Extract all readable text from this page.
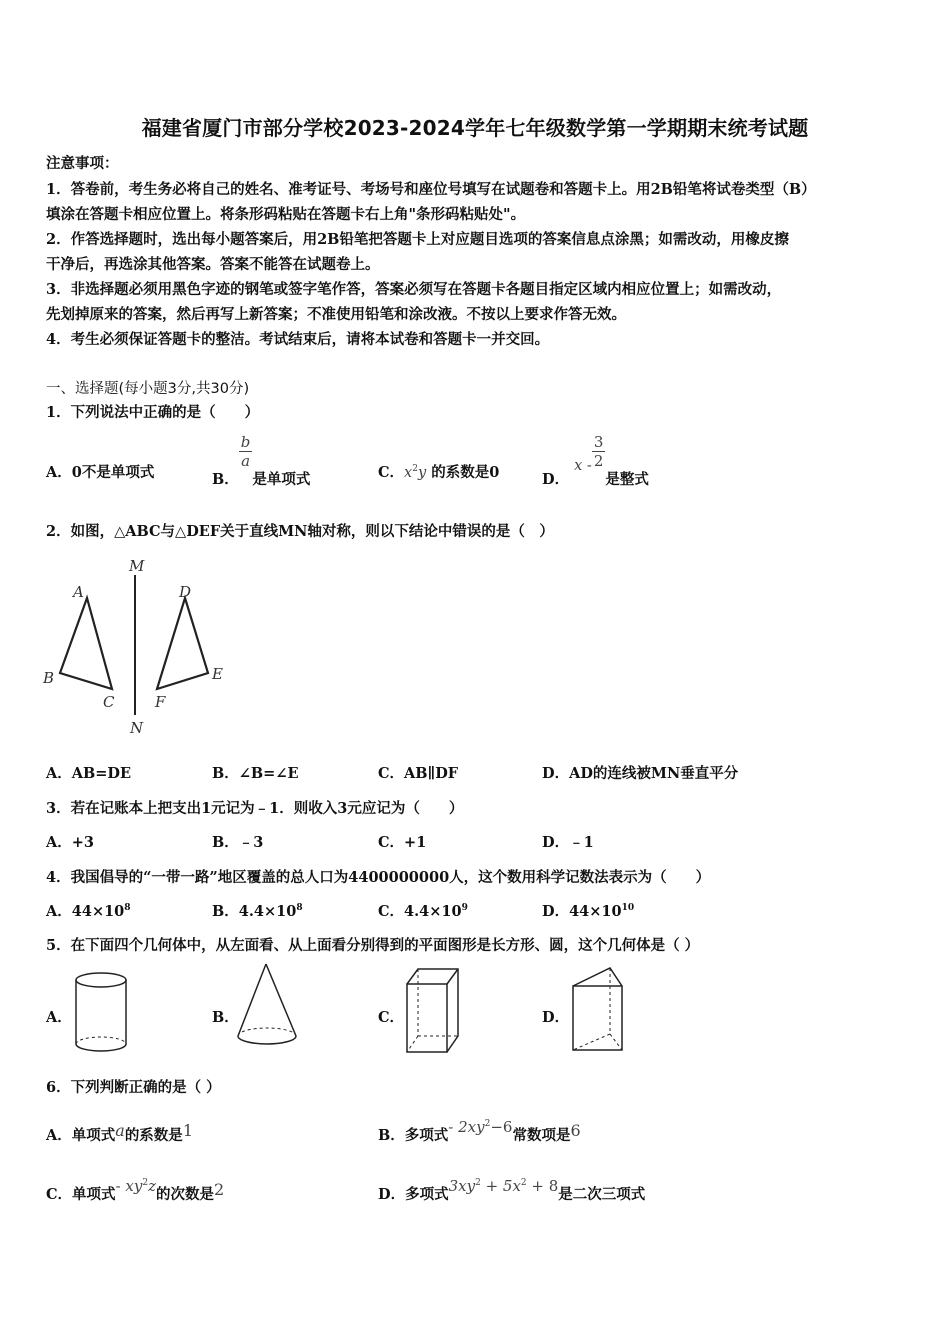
福建省厦门市部分学校2023-2024学年七年级数学第一学期期末统考试题
注意事项：
1．答卷前，考生务必将自己的姓名、准考证号、考场号和座位号填写在试题卷和答题卡上。用2B铅笔将试卷类型（B）
填涂在答题卡相应位置上。将条形码粘贴在答题卡右上角"条形码粘贴处"。
2．作答选择题时，选出每小题答案后，用2B铅笔把答题卡上对应题目选项的答案信息点涂黑；如需改动，用橡皮擦
干净后，再选涂其他答案。答案不能答在试题卷上。
3．非选择题必须用黑色字迹的钢笔或签字笔作答，答案必须写在答题卡各题目指定区域内相应位置上；如需改动，
先划掉原来的答案，然后再写上新答案；不准使用铅笔和涂改液。不按以上要求作答无效。
4．考生必须保证答题卡的整洁。考试结束后，请将本试卷和答题卡一并交回。
一、选择题(每小题3分,共30分)
1．下列说法中正确的是（　　）
A．0不是单项式	B．
$\frac{b}{a}$
是单项式	C．$x^2y$ 的系数是0	D． x - $\frac{3}{2}$
是整式
2．如图，△ABC与△DEF关于直线MN轴对称，则以下结论中错误的是（　）
M
N
A
B
C
D
E
F
A．AB=DE	B．∠B=∠E	C．AB∥DF	D．AD的连线被MN垂直平分
3．若在记账本上把支出1元记为﹣1．则收入3元应记为（　　）
A．+3	B．﹣3	C．+1	D．﹣1
4．我国倡导的“一带一路”地区覆盖的总人口为4400000000人，这个数用科学记数法表示为（　　）
A．$44\times 10^8$	B．$4.4\times 10^8$	C．$4.4\times 10^9$	D．$44\times 10^{10}$
5．在下面四个几何体中，从左面看、从上面看分别得到的平面图形是长方形、圆，这个几何体是（ ）
A．	B．	C．	D．
6．下列判断正确的是（ ）
A．单项式a的系数是1	B．多项式- $2xy^2-6$常数项是6
C．单项式- $xy^2z$的次数是2	D．多项式$3xy^2 + 5x^2 + 8$是二次三项式
